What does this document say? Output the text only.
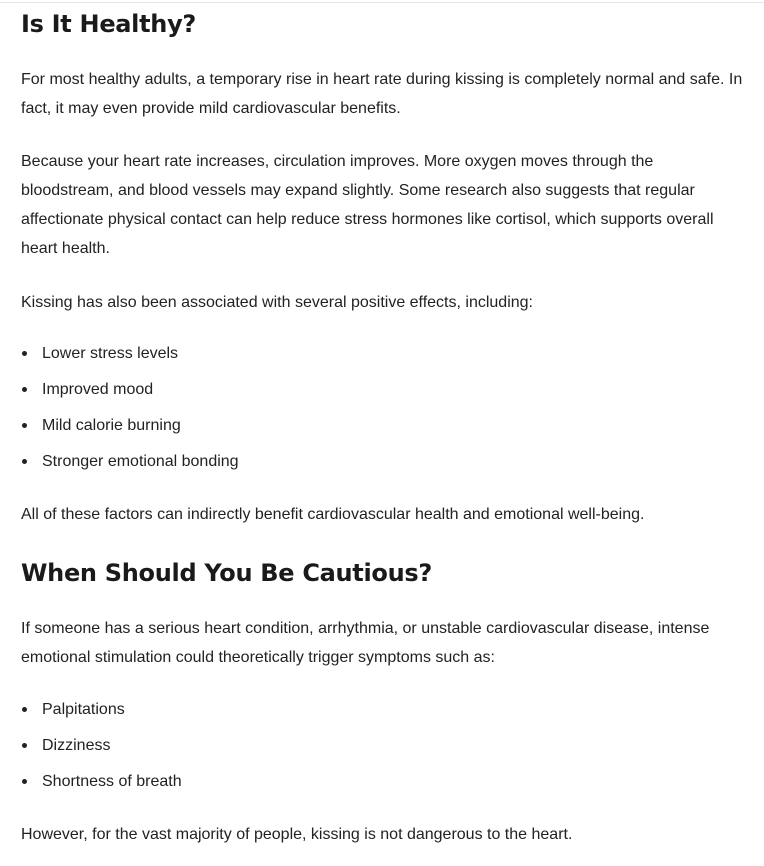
Is It Healthy?

For most healthy adults, a temporary rise in heart rate during kissing is completely normal and safe. In fact, it may even provide mild cardiovascular benefits.

Because your heart rate increases, circulation improves. More oxygen moves through the bloodstream, and blood vessels may expand slightly. Some research also suggests that regular affectionate physical contact can help reduce stress hormones like cortisol, which supports overall heart health.

Kissing has also been associated with several positive effects, including:

Lower stress levels
Improved mood
Mild calorie burning
Stronger emotional bonding

All of these factors can indirectly benefit cardiovascular health and emotional well-being.

When Should You Be Cautious?

If someone has a serious heart condition, arrhythmia, or unstable cardiovascular disease, intense emotional stimulation could theoretically trigger symptoms such as:

Palpitations
Dizziness
Shortness of breath

However, for the vast majority of people, kissing is not dangerous to the heart.
